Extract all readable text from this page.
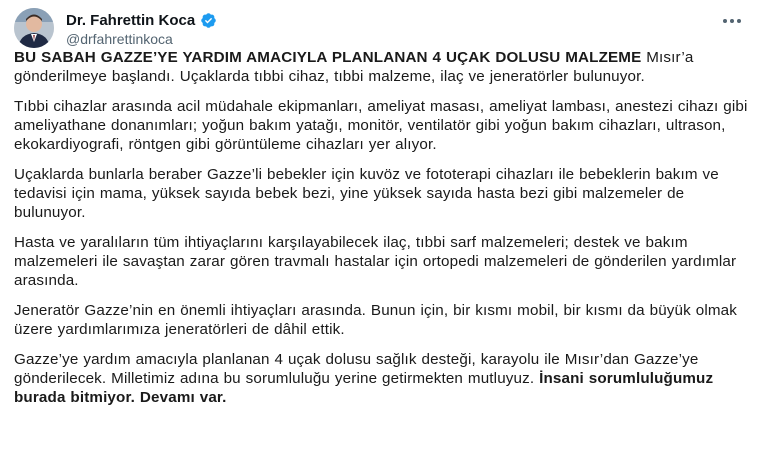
Dr. Fahrettin Koca
@drfahrettinkoca

BU SABAH GAZZE’YE YARDIM AMACIYLA PLANLANAN 4 UÇAK DOLUSU MALZEME Mısır’a gönderilmeye başlandı. Uçaklarda tıbbi cihaz, tıbbi malzeme, ilaç ve jeneratörler bulunuyor.

Tıbbi cihazlar arasında acil müdahale ekipmanları, ameliyat masası, ameliyat lambası, anestezi cihazı gibi ameliyathane donanımları; yoğun bakım yatağı, monitör, ventilatör gibi yoğun bakım cihazları, ultrason, ekokardiyografi, röntgen gibi görüntüleme cihazları yer alıyor.

Uçaklarda bunlarla beraber Gazze’li bebekler için kuvöz ve fototerapi cihazları ile bebeklerin bakım ve tedavisi için mama, yüksek sayıda bebek bezi, yine yüksek sayıda hasta bezi gibi malzemeler de bulunuyor.

Hasta ve yaralıların tüm ihtiyaçlarını karşılayabilecek ilaç, tıbbi sarf malzemeleri; destek ve bakım malzemeleri ile savaştan zarar gören travmalı hastalar için ortopedi malzemeleri de gönderilen yardımlar arasında.

Jeneratör Gazze’nin en önemli ihtiyaçları arasında. Bunun için, bir kısmı mobil, bir kısmı da büyük olmak üzere yardımlarımıza jeneratörleri de dâhil ettik.

Gazze’ye yardım amacıyla planlanan 4 uçak dolusu sağlık desteği, karayolu ile Mısır’dan Gazze’ye gönderilecek. Milletimiz adına bu sorumluluğu yerine getirmekten mutluyuz. İnsani sorumluluğumuz burada bitmiyor. Devamı var.
